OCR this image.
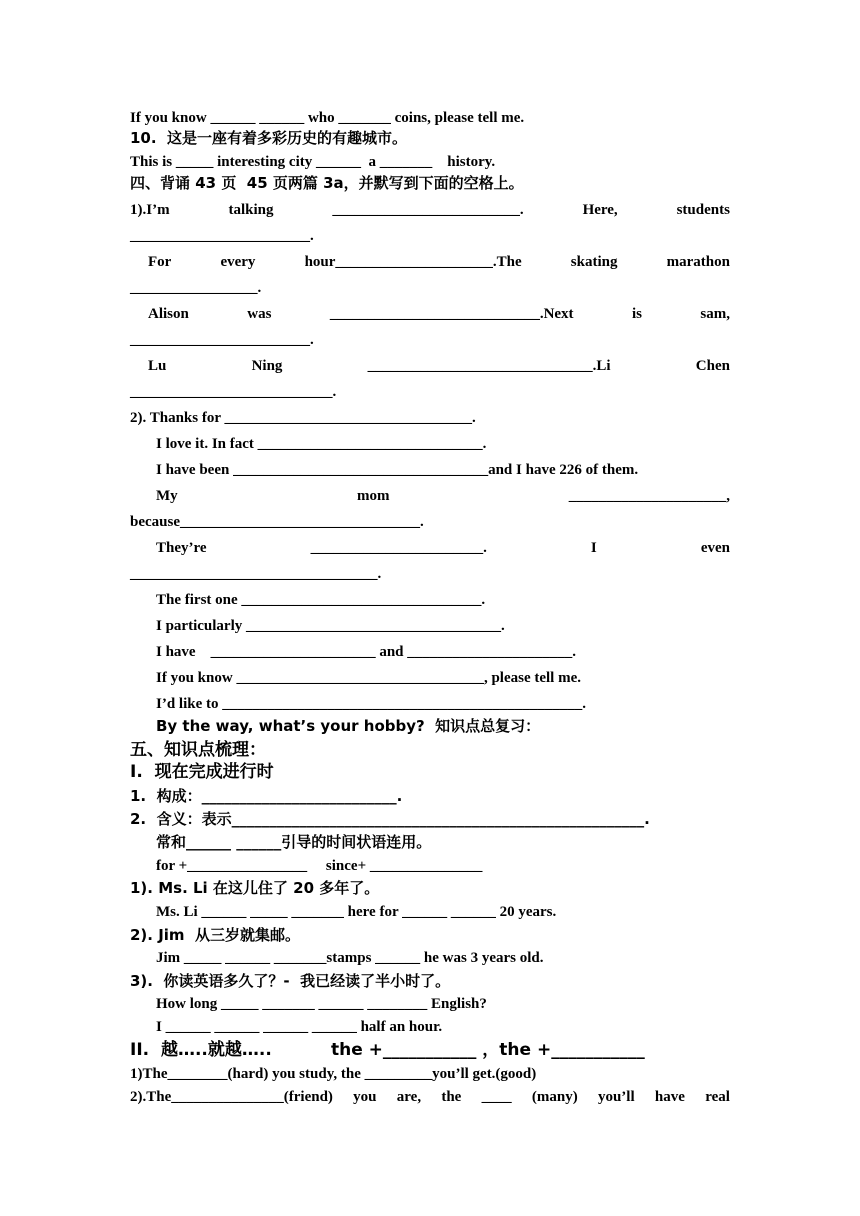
If you know ______ ______ who _______ coins, please tell me.
10.  这是一座有着多彩历史的有趣城市。
This is _____ interesting city ______  a _______    history.
四、背诵 43 页  45 页两篇 3a，并默写到下面的空格上。
1).I’m	talking	_________________________.	Here,	students
________________________.
For	every	hour_____________________.The	skating	marathon
_________________.
Alison	was	____________________________.Next	is	sam,
________________________.
Lu	Ning	______________________________.Li	Chen
___________________________.
2). Thanks for _________________________________.
I love it. In fact ______________________________.
I have been __________________________________and I have 226 of them.
My	mom	_____________________,
because________________________________.
They’re	_______________________.	I	even
_________________________________.
The first one ________________________________.
I particularly __________________________________.
I have    ______________________ and ______________________.
If you know _________________________________, please tell me.
I’d like to ________________________________________________.
By the way, what’s your hobby?  知识点总复习：
五、知识点梳理：
I.  现在完成进行时
1.  构成：__________________________.
2.  含义：表示_______________________________________________________.
常和______ ______引导的时间状语连用。
for +________________     since+ _______________
1). Ms. Li 在这儿住了 20 多年了。
Ms. Li ______ _____ _______ here for ______ ______ 20 years.
2). Jim  从三岁就集邮。
Jim _____ ______ _______stamps ______ he was 3 years old.
3).  你读英语多久了？-  我已经读了半小时了。
How long _____ _______ ______ ________ English?
I ______ ______ ______ ______ half an hour.
II.  越…..就越…..          the +___________ ，the +___________
1)The________(hard) you study, the _________you’ll get.(good)
2).The_______________(friend) you are, the ____ (many) you’ll have real
